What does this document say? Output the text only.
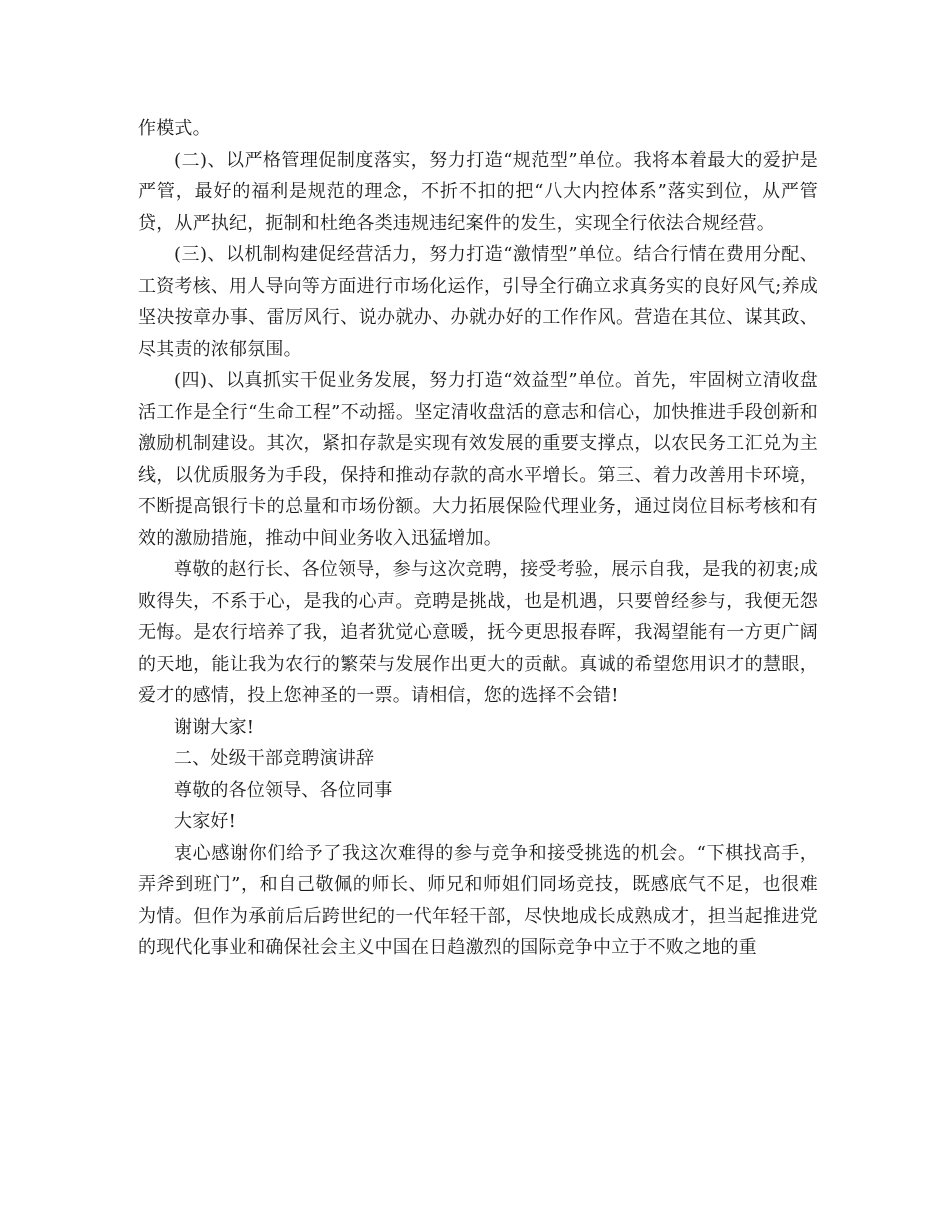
作模式。

(二)、以严格管理促制度落实，努力打造“规范型”单位。我将本着最大的爱护是严管，最好的福利是规范的理念，不折不扣的把“八大内控体系”落实到位，从严管贷，从严执纪，扼制和杜绝各类违规违纪案件的发生，实现全行依法合规经营。

(三)、以机制构建促经营活力，努力打造“激情型”单位。结合行情在费用分配、工资考核、用人导向等方面进行市场化运作，引导全行确立求真务实的良好风气;养成坚决按章办事、雷厉风行、说办就办、办就办好的工作作风。营造在其位、谋其政、尽其责的浓郁氛围。

(四)、以真抓实干促业务发展，努力打造“效益型”单位。首先，牢固树立清收盘活工作是全行“生命工程”不动摇。坚定清收盘活的意志和信心，加快推进手段创新和激励机制建设。其次，紧扣存款是实现有效发展的重要支撑点，以农民务工汇兑为主线，以优质服务为手段，保持和推动存款的高水平增长。第三、着力改善用卡环境，不断提高银行卡的总量和市场份额。大力拓展保险代理业务，通过岗位目标考核和有效的激励措施，推动中间业务收入迅猛增加。

尊敬的赵行长、各位领导，参与这次竞聘，接受考验，展示自我，是我的初衷;成败得失，不系于心，是我的心声。竞聘是挑战，也是机遇，只要曾经参与，我便无怨无悔。是农行培养了我，追者犹觉心意暖，抚今更思报春晖，我渴望能有一方更广阔的天地，能让我为农行的繁荣与发展作出更大的贡献。真诚的希望您用识才的慧眼，爱才的感情，投上您神圣的一票。请相信，您的选择不会错!

谢谢大家!

二、处级干部竞聘演讲辞

尊敬的各位领导、各位同事

大家好!

衷心感谢你们给予了我这次难得的参与竞争和接受挑选的机会。“下棋找高手，弄斧到班门”，和自己敬佩的师长、师兄和师姐们同场竞技，既感底气不足，也很难为情。但作为承前后后跨世纪的一代年轻干部，尽快地成长成熟成才，担当起推进党的现代化事业和确保社会主义中国在日趋激烈的国际竞争中立于不败之地的重
